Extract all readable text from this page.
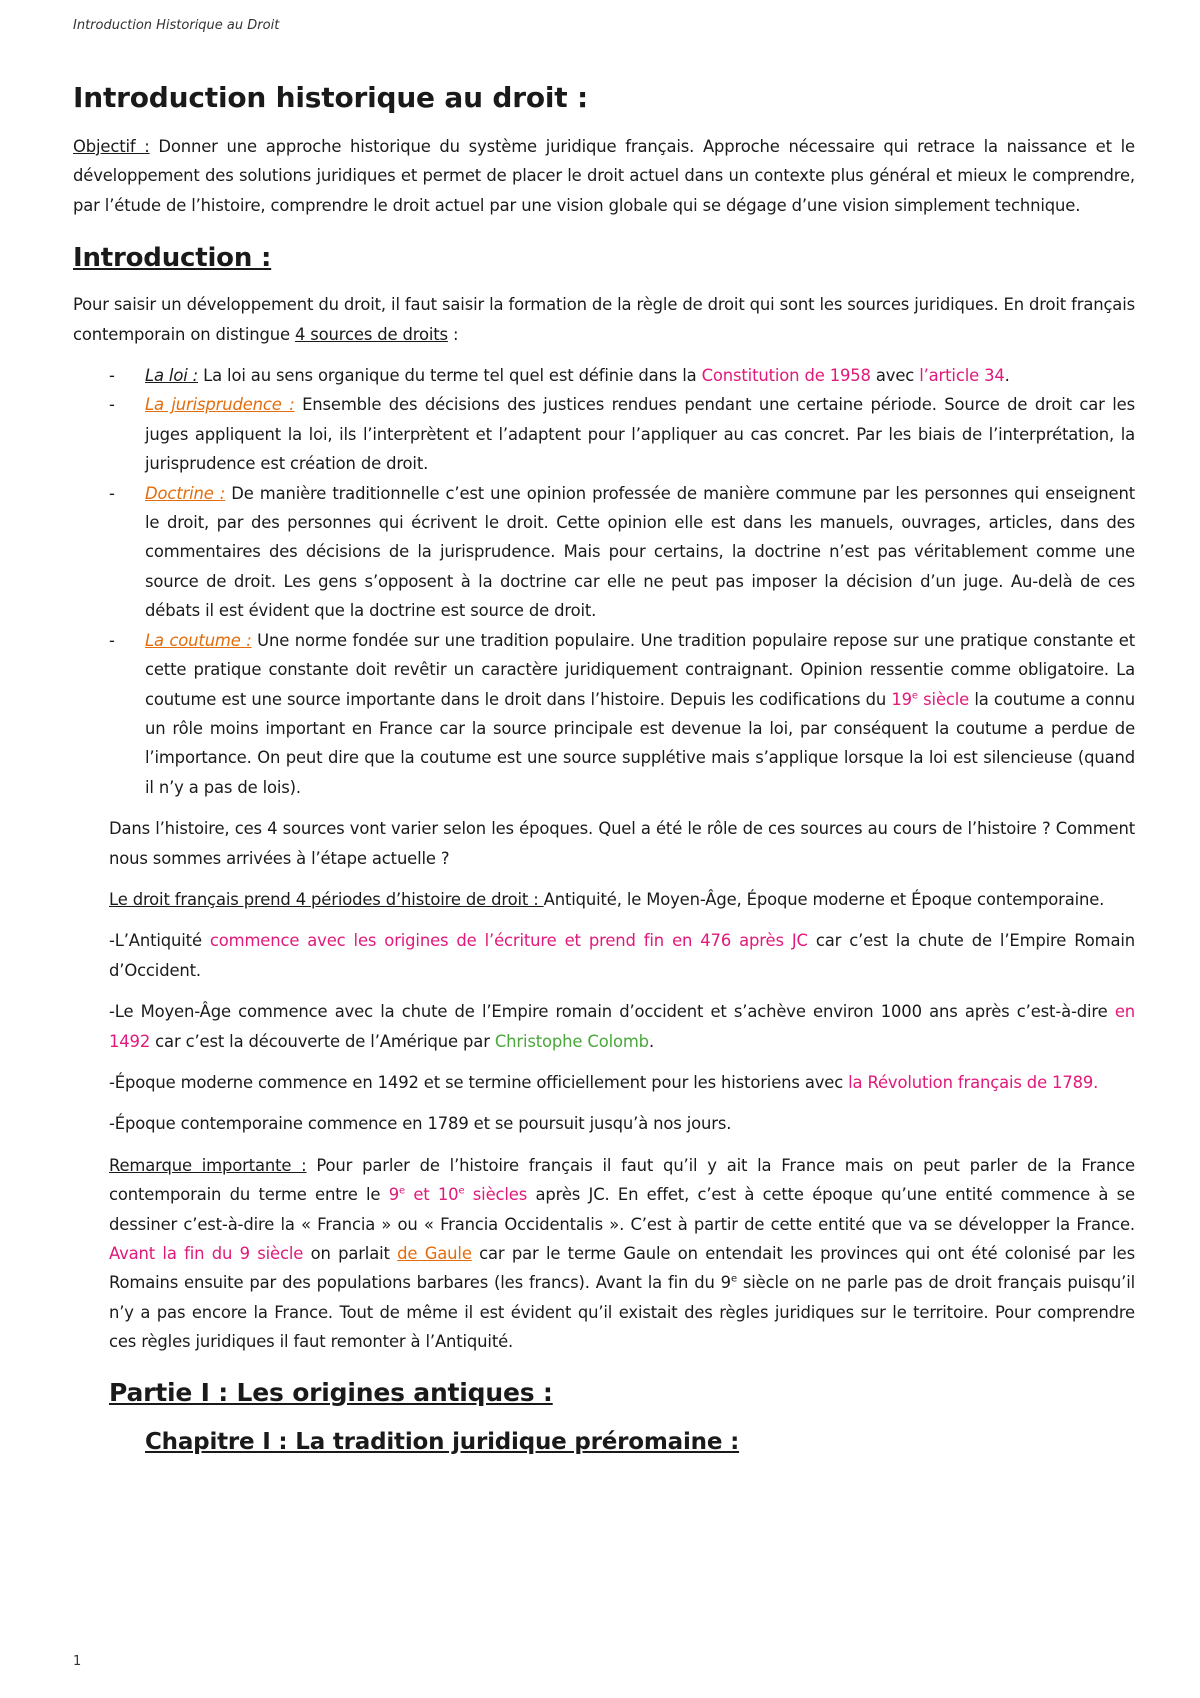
Introduction Historique au Droit
Introduction historique au droit :

Objectif : Donner une approche historique du système juridique français. Approche nécessaire qui retrace la naissance et le développement des solutions juridiques et permet de placer le droit actuel dans un contexte plus général et mieux le comprendre, par l’étude de l’histoire, comprendre le droit actuel par une vision globale qui se dégage d’une vision simplement technique.

Introduction :

Pour saisir un développement du droit, il faut saisir la formation de la règle de droit qui sont les sources juridiques. En droit français contemporain on distingue 4 sources de droits :

- La loi : La loi au sens organique du terme tel quel est définie dans la Constitution de 1958 avec l’article 34.
- La jurisprudence : Ensemble des décisions des justices rendues pendant une certaine période. Source de droit car les juges appliquent la loi, ils l’interprètent et l’adaptent pour l’appliquer au cas concret. Par les biais de l’interprétation, la jurisprudence est création de droit.
- Doctrine : De manière traditionnelle c’est une opinion professée de manière commune par les personnes qui enseignent le droit, par des personnes qui écrivent le droit. Cette opinion elle est dans les manuels, ouvrages, articles, dans des commentaires des décisions de la jurisprudence. Mais pour certains, la doctrine n’est pas véritablement comme une source de droit. Les gens s’opposent à la doctrine car elle ne peut pas imposer la décision d’un juge. Au-delà de ces débats il est évident que la doctrine est source de droit.
- La coutume : Une norme fondée sur une tradition populaire. Une tradition populaire repose sur une pratique constante et cette pratique constante doit revêtir un caractère juridiquement contraignant. Opinion ressentie comme obligatoire. La coutume est une source importante dans le droit dans l’histoire. Depuis les codifications du 19e siècle la coutume a connu un rôle moins important en France car la source principale est devenue la loi, par conséquent la coutume a perdue de l’importance. On peut dire que la coutume est une source supplétive mais s’applique lorsque la loi est silencieuse (quand il n’y a pas de lois).

Dans l’histoire, ces 4 sources vont varier selon les époques. Quel a été le rôle de ces sources au cours de l’histoire ? Comment nous sommes arrivées à l’étape actuelle ?

Le droit français prend 4 périodes d’histoire de droit : Antiquité, le Moyen-Âge, Époque moderne et Époque contemporaine.

-L’Antiquité commence avec les origines de l’écriture et prend fin en 476 après JC car c’est la chute de l’Empire Romain d’Occident.

-Le Moyen-Âge commence avec la chute de l’Empire romain d’occident et s’achève environ 1000 ans après c’est-à-dire en 1492 car c’est la découverte de l’Amérique par Christophe Colomb.

-Époque moderne commence en 1492 et se termine officiellement pour les historiens avec la Révolution français de 1789.

-Époque contemporaine commence en 1789 et se poursuit jusqu’à nos jours.

Remarque importante : Pour parler de l’histoire français il faut qu’il y ait la France mais on peut parler de la France contemporain du terme entre le 9e et 10e siècles après JC. En effet, c’est à cette époque qu’une entité commence à se dessiner c’est-à-dire la « Francia » ou « Francia Occidentalis ». C’est à partir de cette entité que va se développer la France. Avant la fin du 9 siècle on parlait de Gaule car par le terme Gaule on entendait les provinces qui ont été colonisé par les Romains ensuite par des populations barbares (les francs). Avant la fin du 9e siècle on ne parle pas de droit français puisqu’il n’y a pas encore la France. Tout de même il est évident qu’il existait des règles juridiques sur le territoire. Pour comprendre ces règles juridiques il faut remonter à l’Antiquité.

Partie I : Les origines antiques :
Chapitre I : La tradition juridique préromaine :
1
